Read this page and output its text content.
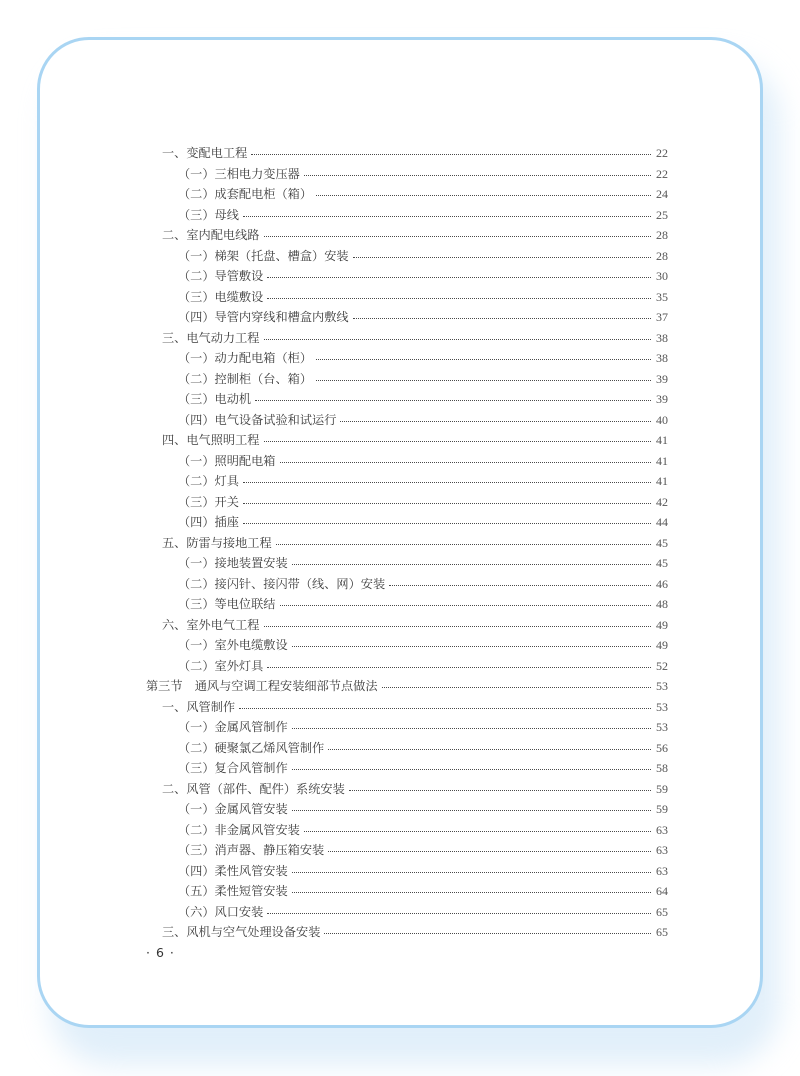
一、变配电工程	22
（一）三相电力变压器	22
（二）成套配电柜（箱）	24
（三）母线	25
二、室内配电线路	28
（一）梯架（托盘、槽盒）安装	28
（二）导管敷设	30
（三）电缆敷设	35
（四）导管内穿线和槽盒内敷线	37
三、电气动力工程	38
（一）动力配电箱（柜）	38
（二）控制柜（台、箱）	39
（三）电动机	39
（四）电气设备试验和试运行	40
四、电气照明工程	41
（一）照明配电箱	41
（二）灯具	41
（三）开关	42
（四）插座	44
五、防雷与接地工程	45
（一）接地装置安装	45
（二）接闪针、接闪带（线、网）安装	46
（三）等电位联结	48
六、室外电气工程	49
（一）室外电缆敷设	49
（二）室外灯具	52
第三节　通风与空调工程安装细部节点做法	53
一、风管制作	53
（一）金属风管制作	53
（二）硬聚氯乙烯风管制作	56
（三）复合风管制作	58
二、风管（部件、配件）系统安装	59
（一）金属风管安装	59
（二）非金属风管安装	63
（三）消声器、静压箱安装	63
（四）柔性风管安装	63
（五）柔性短管安装	64
（六）风口安装	65
三、风机与空气处理设备安装	65
· 6 ·
